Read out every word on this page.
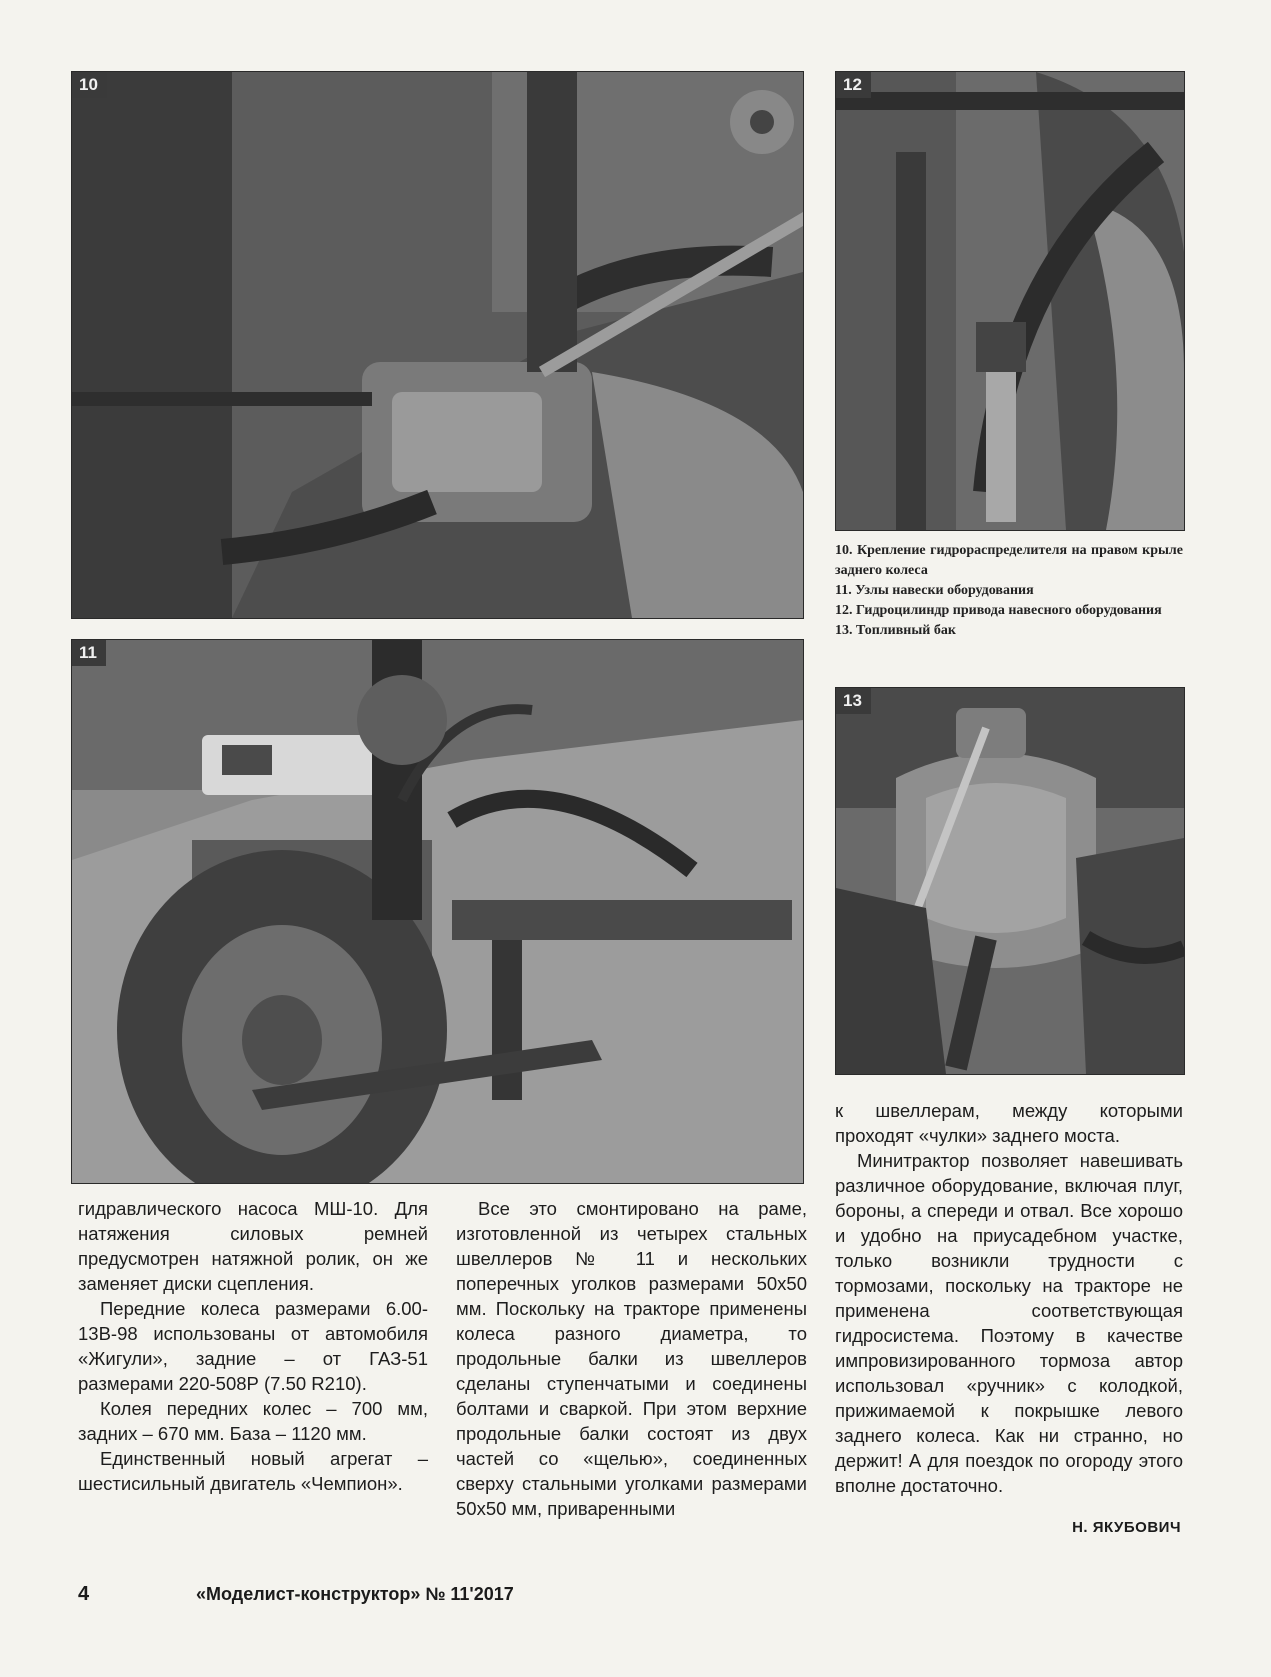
10	12

10. Крепление гидрораспределителя на правом крыле заднего колеса

11. Узлы навески оборудования

12. Гидроцилиндр привода навесного оборудования

13. Топливный бак

11
13

гидравлического насоса МШ-10. Для натяжения силовых ремней предусмотрен натяжной ролик, он же заменяет диски сцепления.

Передние колеса размерами 6.00-13В-98 использованы от автомобиля «Жигули», задние – от ГАЗ-51 размерами 220-508Р (7.50 R210).

Колея передних колес – 700 мм, задних – 670 мм. База – 1120 мм.

Единственный новый агрегат – шестисильный двигатель «Чемпион».

Все это смонтировано на раме, изготовленной из четырех стальных швеллеров № 11 и нескольких поперечных уголков размерами 50х50 мм. Поскольку на тракторе применены колеса разного диаметра, то продольные балки из швеллеров сделаны ступенчатыми и соединены болтами и сваркой. При этом верхние продольные балки состоят из двух частей со «щелью», соединенных сверху стальными уголками размерами 50х50 мм, приваренными

к швеллерам, между которыми проходят «чулки» заднего моста.

Минитрактор позволяет навешивать различное оборудование, включая плуг, бороны, а спереди и отвал. Все хорошо и удобно на приусадебном участке, только возникли трудности с тормозами, поскольку на тракторе не применена соответствующая гидросистема. Поэтому в качестве импровизированного тормоза автор использовал «ручник» с колодкой, прижимаемой к покрышке левого заднего колеса. Как ни странно, но держит! А для поездок по огороду этого вполне достаточно.

Н. ЯКУБОВИЧ
4	«Моделист-конструктор» № 11'2017
